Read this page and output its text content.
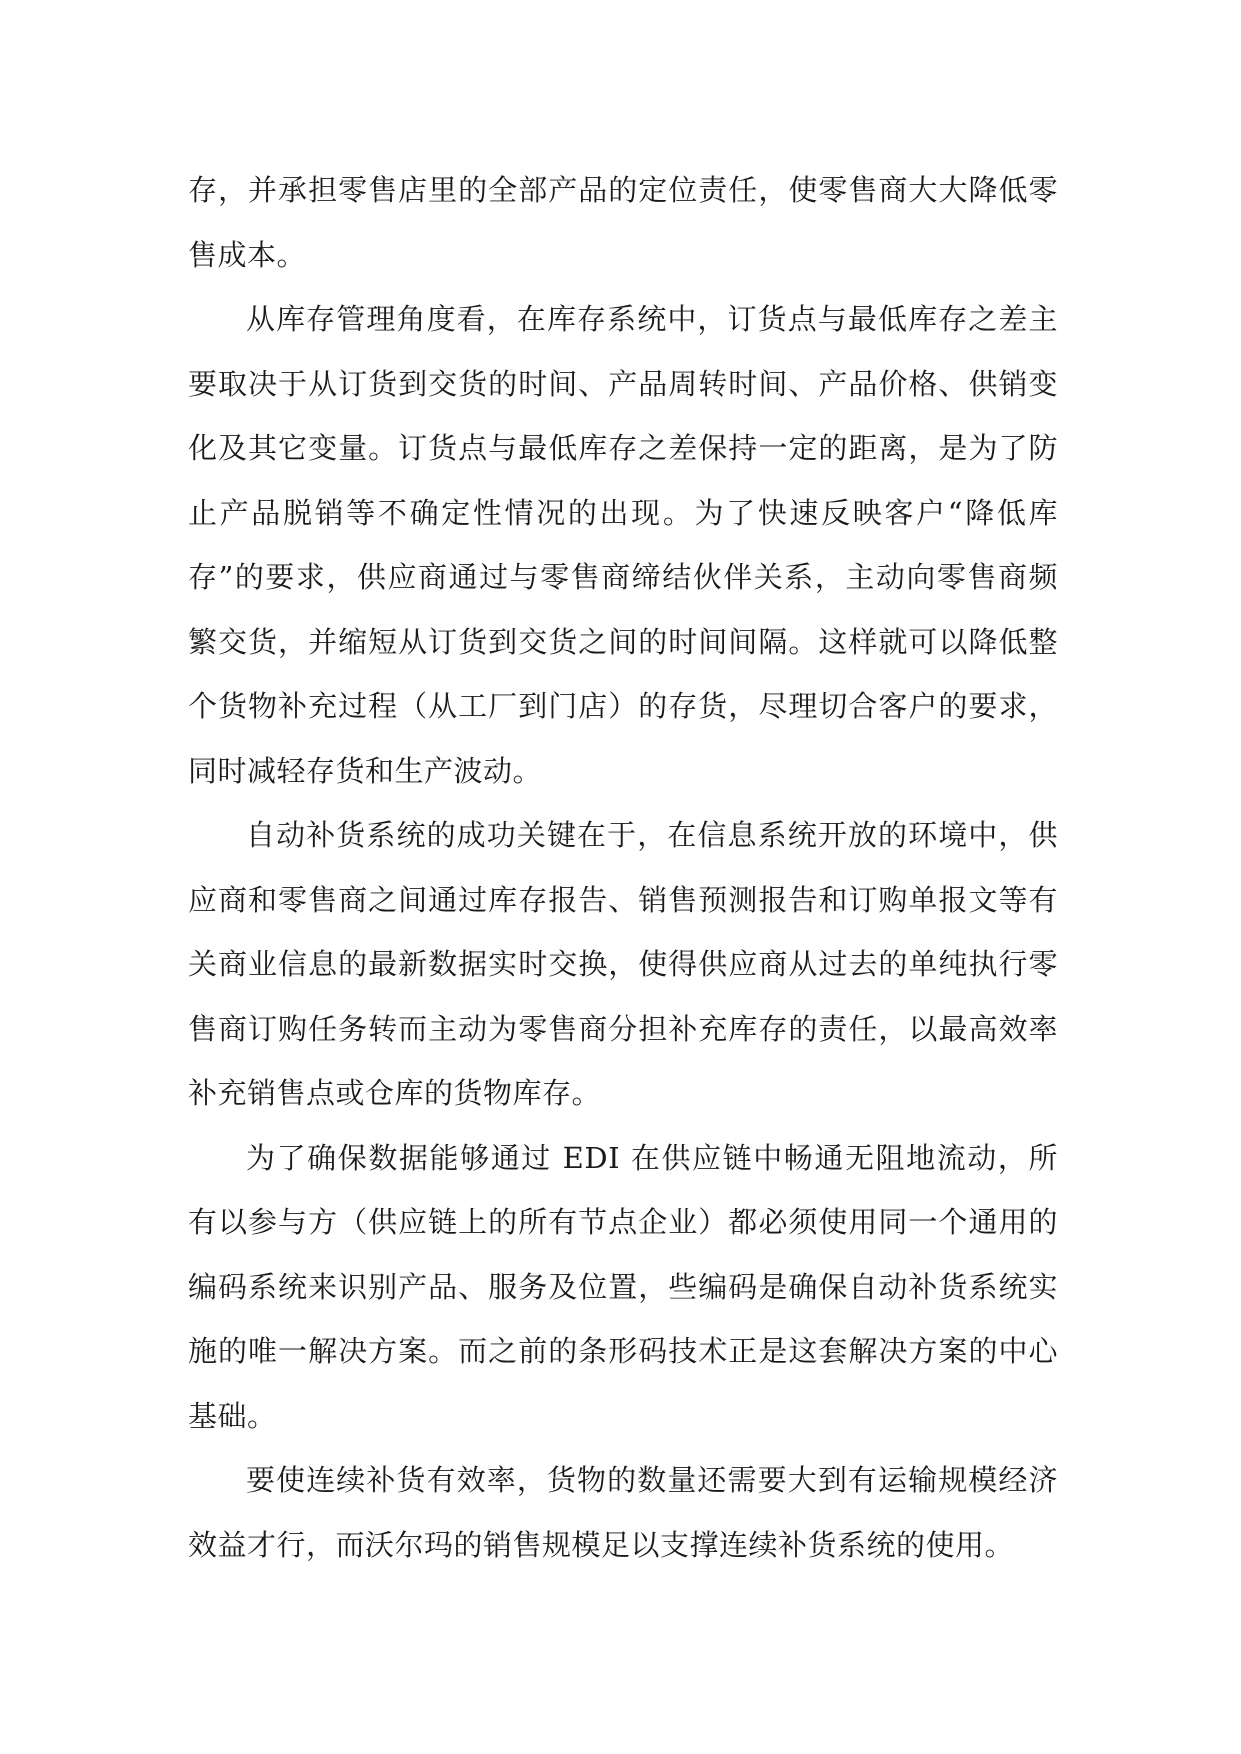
存，并承担零售店里的全部产品的定位责任，使零售商大大降低零售成本。

从库存管理角度看，在库存系统中，订货点与最低库存之差主要取决于从订货到交货的时间、产品周转时间、产品价格、供销变化及其它变量。订货点与最低库存之差保持一定的距离，是为了防止产品脱销等不确定性情况的出现。为了快速反映客户“降低库存”的要求，供应商通过与零售商缔结伙伴关系，主动向零售商频繁交货，并缩短从订货到交货之间的时间间隔。这样就可以降低整个货物补充过程（从工厂到门店）的存货，尽理切合客户的要求，同时减轻存货和生产波动。

自动补货系统的成功关键在于，在信息系统开放的环境中，供应商和零售商之间通过库存报告、销售预测报告和订购单报文等有关商业信息的最新数据实时交换，使得供应商从过去的单纯执行零售商订购任务转而主动为零售商分担补充库存的责任，以最高效率补充销售点或仓库的货物库存。

为了确保数据能够通过 EDI 在供应链中畅通无阻地流动，所有以参与方（供应链上的所有节点企业）都必须使用同一个通用的编码系统来识别产品、服务及位置，些编码是确保自动补货系统实施的唯一解决方案。而之前的条形码技术正是这套解决方案的中心基础。

要使连续补货有效率，货物的数量还需要大到有运输规模经济效益才行，而沃尔玛的销售规模足以支撑连续补货系统的使用。
